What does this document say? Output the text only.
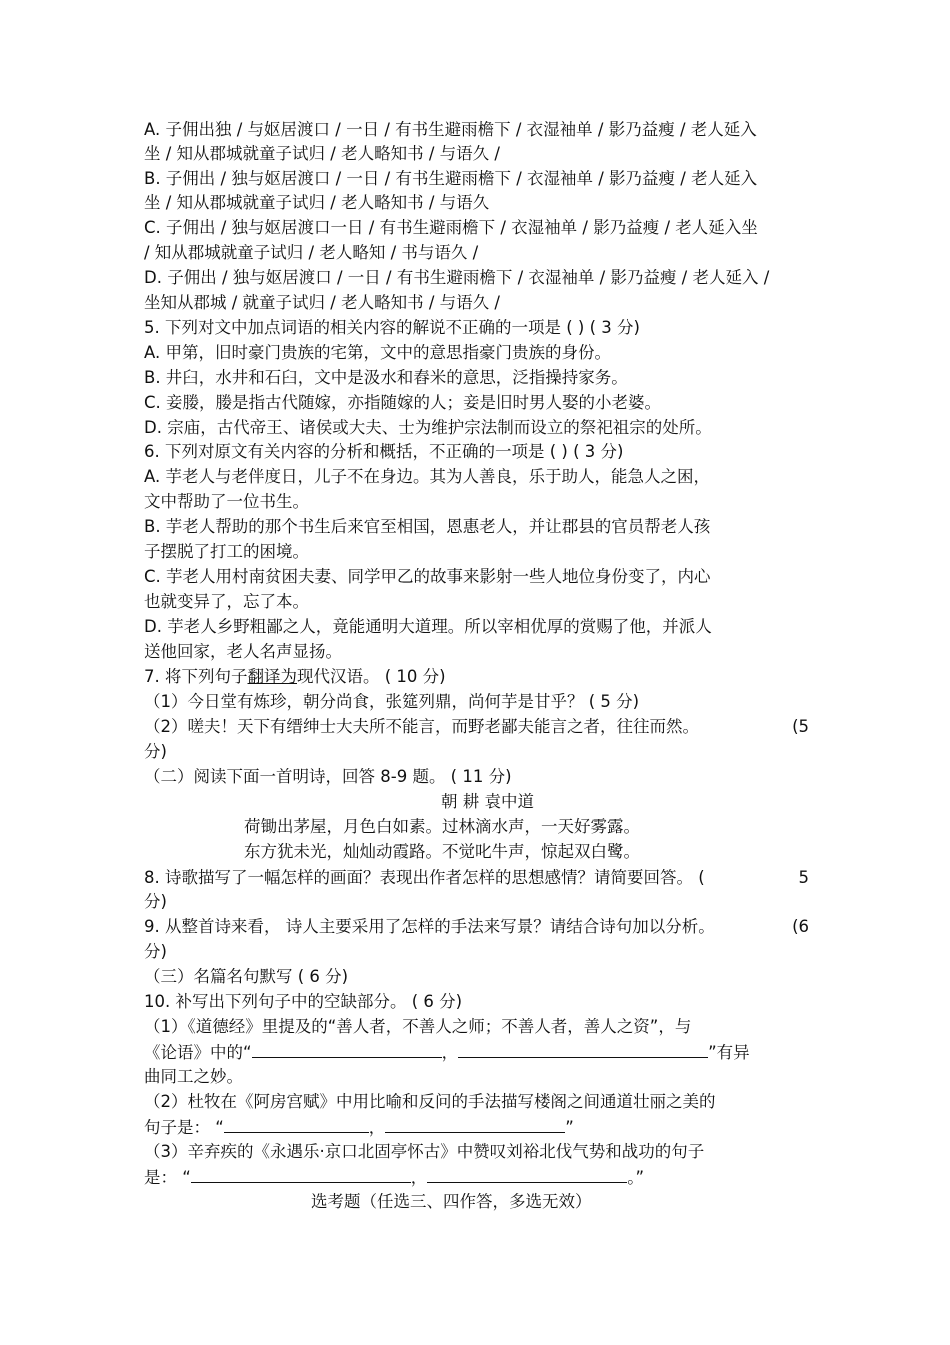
A. 子佣出独 / 与妪居渡口 / 一日 / 有书生避雨檐下 / 衣湿袖单 / 影乃益瘦 / 老人延入
坐 / 知从郡城就童子试归 / 老人略知书 / 与语久 /
B. 子佣出 / 独与妪居渡口 / 一日 / 有书生避雨檐下 / 衣湿袖单 / 影乃益瘦 / 老人延入
坐 / 知从郡城就童子试归 / 老人略知书 / 与语久
C. 子佣出 / 独与妪居渡口一日 / 有书生避雨檐下 / 衣湿袖单 / 影乃益瘦 / 老人延入坐
/ 知从郡城就童子试归 / 老人略知 / 书与语久 /
D. 子佣出 / 独与妪居渡口 / 一日 / 有书生避雨檐下 / 衣湿袖单 / 影乃益瘦 / 老人延入 /
坐知从郡城 / 就童子试归 / 老人略知书 / 与语久 /
5. 下列对文中加点词语的相关内容的解说不正确的一项是 ( ) ( 3 分)
A. 甲第，旧时豪门贵族的宅第，文中的意思指豪门贵族的身份。
B. 井臼，水井和石臼，文中是汲水和舂米的意思，泛指操持家务。
C. 妾媵，媵是指古代随嫁，亦指随嫁的人；妾是旧时男人娶的小老婆。
D. 宗庙，古代帝王、诸侯或大夫、士为维护宗法制而设立的祭祀祖宗的处所。
6. 下列对原文有关内容的分析和概括，不正确的一项是 ( ) ( 3 分)
A. 芋老人与老伴度日，儿子不在身边。其为人善良，乐于助人，能急人之困，
文中帮助了一位书生。
B. 芋老人帮助的那个书生后来官至相国，恩惠老人，并让郡县的官员帮老人孩
子摆脱了打工的困境。
C. 芋老人用村南贫困夫妻、同学甲乙的故事来影射一些人地位身份变了，内心
也就变异了，忘了本。
D. 芋老人乡野粗鄙之人，竟能通明大道理。所以宰相优厚的赏赐了他，并派人
送他回家，老人名声显扬。
7. 将下列句子翻译为现代汉语。 ( 10 分)
（1）今日堂有炼珍，朝分尚食，张筵列鼎，尚何芋是甘乎？ ( 5 分)
（2）嗟夫！天下有缙绅士大夫所不能言，而野老鄙夫能言之者，往往而然。	(5
分)
（二）阅读下面一首明诗，回答 8-9 题。 ( 11 分)
朝 耕 袁中道
荷锄出茅屋，月色白如素。过林滴水声，一天好雾露。
东方犹未光，灿灿动霞路。不觉叱牛声，惊起双白鹭。
8. 诗歌描写了一幅怎样的画面？表现出作者怎样的思想感情？请简要回答。 (	5
分)
9. 从整首诗来看， 诗人主要采用了怎样的手法来写景？请结合诗句加以分析。	(6
分)
（三）名篇名句默写 ( 6 分)
10. 补写出下列句子中的空缺部分。 ( 6 分)
（1）《道德经》里提及的“善人者，不善人之师；不善人者，善人之资”，与
《论语》中的“	，	”有异
曲同工之妙。
（2）杜牧在《阿房宫赋》中用比喻和反问的手法描写楼阁之间通道壮丽之美的
句子是： “	，	”
（3）辛弃疾的《永遇乐·京口北固亭怀古》中赞叹刘裕北伐气势和战功的句子
是： “	，	。”
选考题（任选三、四作答，多选无效）
